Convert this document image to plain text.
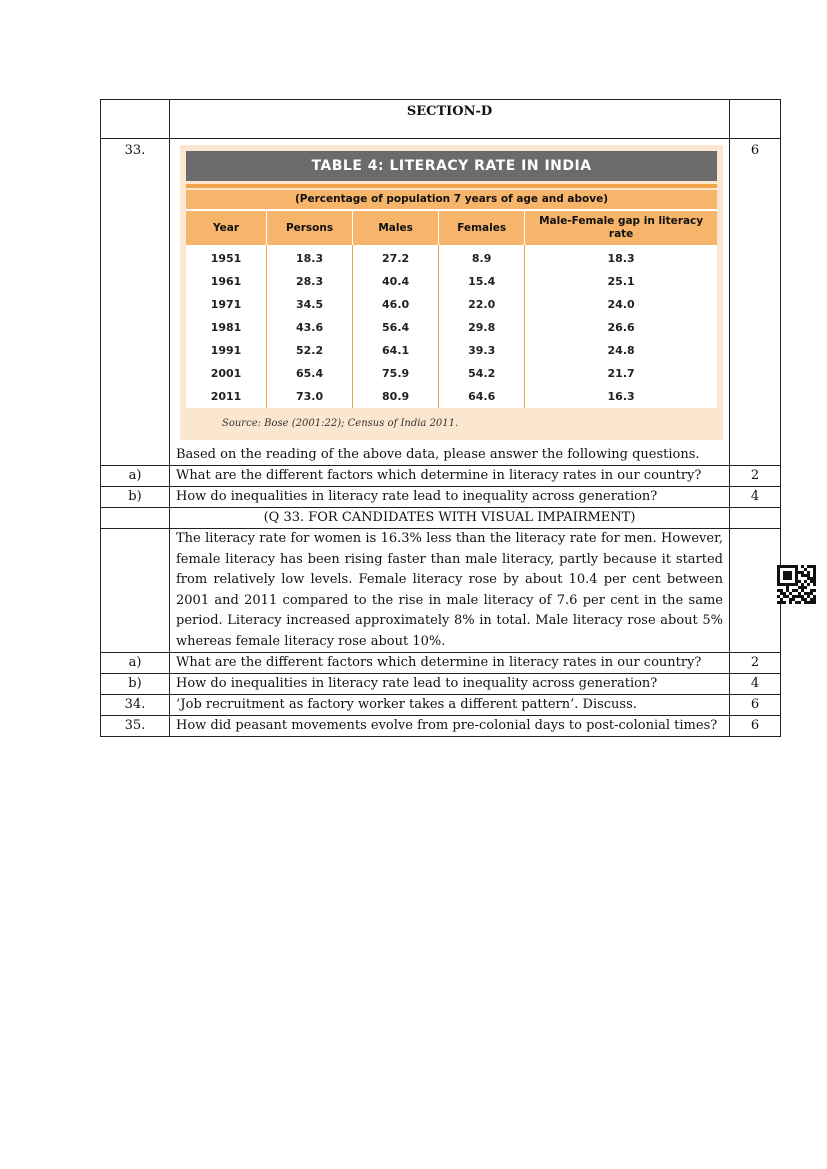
	SECTION-D	
33.	
TABLE 4: LITERACY RATE IN INDIA
(Percentage of population 7 years of age and above)
Year	Persons	Males	Females	Male-Female gap in literacy rate
1951	18.3	27.2	8.9	18.3
1961	28.3	40.4	15.4	25.1
1971	34.5	46.0	22.0	24.0
1981	43.6	56.4	29.8	26.6
1991	52.2	64.1	39.3	24.8
2001	65.4	75.9	54.2	21.7
2011	73.0	80.9	64.6	16.3
Source: Bose (2001:22); Census of India 2011.
Based on the reading of the above data, please answer the following questions.
	6
a)	What are the different factors which determine in literacy rates in our country?	2
b)	How do inequalities in literacy rate lead to inequality across generation?	4
	(Q 33. FOR CANDIDATES WITH VISUAL IMPAIRMENT)	
	The literacy rate for women is 16.3% less than the literacy rate for men. However, female literacy has been rising faster than male literacy, partly because it started from relatively low levels. Female literacy rose by about 10.4 per cent between 2001 and 2011 compared to the rise in male literacy of 7.6 per cent in the same period. Literacy increased approximately 8% in total. Male literacy rose about 5% whereas female literacy rose about 10%.	
a)	What are the different factors which determine in literacy rates in our country?	2
b)	How do inequalities in literacy rate lead to inequality across generation?	4
34.	‘Job recruitment as factory worker takes a different pattern’. Discuss.	6
35.	How did peasant movements evolve from pre-colonial days to post-colonial times?	6
